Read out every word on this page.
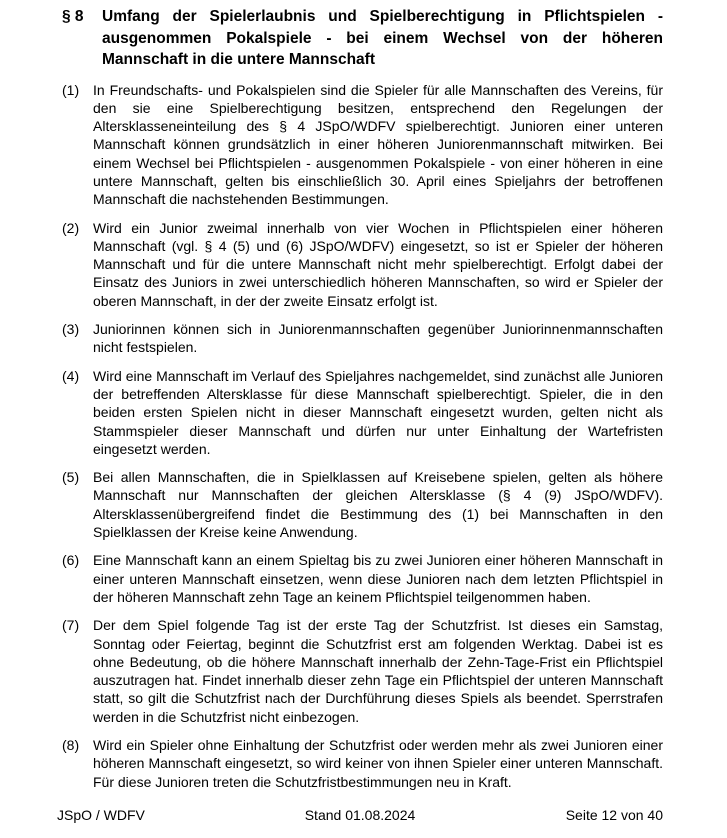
§ 8	Umfang der Spielerlaubnis und Spielberechtigung in Pflichtspielen - ausgenommen Pokalspiele - bei einem Wechsel von der höheren Mannschaft in die untere Mannschaft
(1) In Freundschafts- und Pokalspielen sind die Spieler für alle Mannschaften des Vereins, für den sie eine Spielberechtigung besitzen, entsprechend den Regelungen der Altersklasseneinteilung des § 4 JSpO/WDFV spielberechtigt. Junioren einer unteren Mannschaft können grundsätzlich in einer höheren Juniorenmannschaft mitwirken. Bei einem Wechsel bei Pflichtspielen - ausgenommen Pokalspiele - von einer höheren in eine untere Mannschaft, gelten bis einschließlich 30. April eines Spieljahrs der betroffenen Mannschaft die nachstehenden Bestimmungen.
(2) Wird ein Junior zweimal innerhalb von vier Wochen in Pflichtspielen einer höheren Mannschaft (vgl. § 4 (5) und (6) JSpO/WDFV) eingesetzt, so ist er Spieler der höheren Mannschaft und für die untere Mannschaft nicht mehr spielberechtigt. Erfolgt dabei der Einsatz des Juniors in zwei unterschiedlich höheren Mannschaften, so wird er Spieler der oberen Mannschaft, in der der zweite Einsatz erfolgt ist.
(3) Juniorinnen können sich in Juniorenmannschaften gegenüber Juniorinnenmannschaften nicht festspielen.
(4) Wird eine Mannschaft im Verlauf des Spieljahres nachgemeldet, sind zunächst alle Junioren der betreffenden Altersklasse für diese Mannschaft spielberechtigt. Spieler, die in den beiden ersten Spielen nicht in dieser Mannschaft eingesetzt wurden, gelten nicht als Stammspieler dieser Mannschaft und dürfen nur unter Einhaltung der Wartefristen eingesetzt werden.
(5) Bei allen Mannschaften, die in Spielklassen auf Kreisebene spielen, gelten als höhere Mannschaft nur Mannschaften der gleichen Altersklasse (§ 4 (9) JSpO/WDFV). Altersklassenübergreifend findet die Bestimmung des (1) bei Mannschaften in den Spielklassen der Kreise keine Anwendung.
(6) Eine Mannschaft kann an einem Spieltag bis zu zwei Junioren einer höheren Mannschaft in einer unteren Mannschaft einsetzen, wenn diese Junioren nach dem letzten Pflichtspiel in der höheren Mannschaft zehn Tage an keinem Pflichtspiel teilgenommen haben.
(7) Der dem Spiel folgende Tag ist der erste Tag der Schutzfrist. Ist dieses ein Samstag, Sonntag oder Feiertag, beginnt die Schutzfrist erst am folgenden Werktag. Dabei ist es ohne Bedeutung, ob die höhere Mannschaft innerhalb der Zehn-Tage-Frist ein Pflichtspiel auszutragen hat. Findet innerhalb dieser zehn Tage ein Pflichtspiel der unteren Mannschaft statt, so gilt die Schutzfrist nach der Durchführung dieses Spiels als beendet. Sperrstrafen werden in die Schutzfrist nicht einbezogen.
(8) Wird ein Spieler ohne Einhaltung der Schutzfrist oder werden mehr als zwei Junioren einer höheren Mannschaft eingesetzt, so wird keiner von ihnen Spieler einer unteren Mannschaft. Für diese Junioren treten die Schutzfristbestimmungen neu in Kraft.
JSpO / WDFV	Stand 01.08.2024	Seite 12 von 40
